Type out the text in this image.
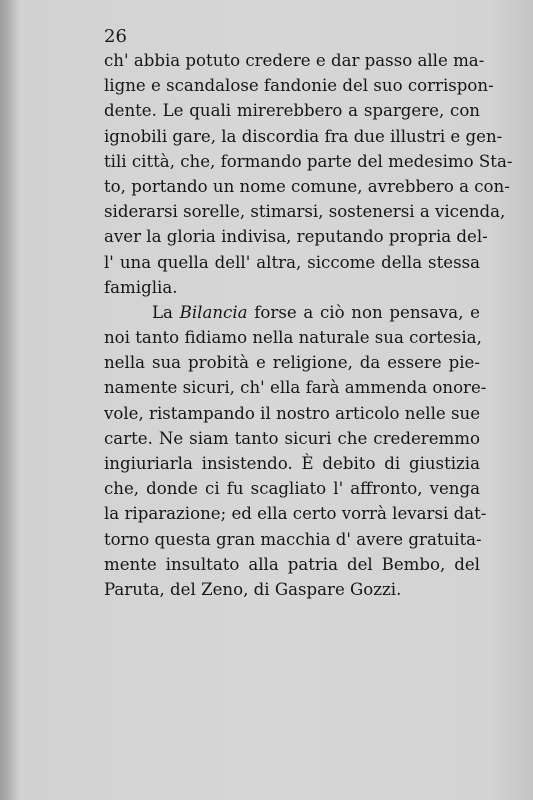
26
ch' abbia potuto credere e dar passo alle ma-
ligne e scandalose fandonie del suo corrispon-
dente. Le quali mirerebbero a spargere, con
ignobili gare, la discordia fra due illustri e gen-
tili città, che, formando parte del medesimo Sta-
to, portando un nome comune, avrebbero a con-
siderarsi sorelle, stimarsi, sostenersi a vicenda,
aver la gloria indivisa, reputando propria del-
l' una quella dell' altra, siccome della stessa
famiglia.
La Bilancia forse a ciò non pensava, e
noi tanto fidiamo nella naturale sua cortesia,
nella sua probità e religione, da essere pie-
namente sicuri, ch' ella farà ammenda onore-
vole, ristampando il nostro articolo nelle sue
carte. Ne siam tanto sicuri che crederemmo
ingiuriarla insistendo. È debito di giustizia
che, donde ci fu scagliato l' affronto, venga
la riparazione; ed ella certo vorrà levarsi dat-
torno questa gran macchia d' avere gratuita-
mente insultato alla patria del Bembo, del
Paruta, del Zeno, di Gaspare Gozzi.
